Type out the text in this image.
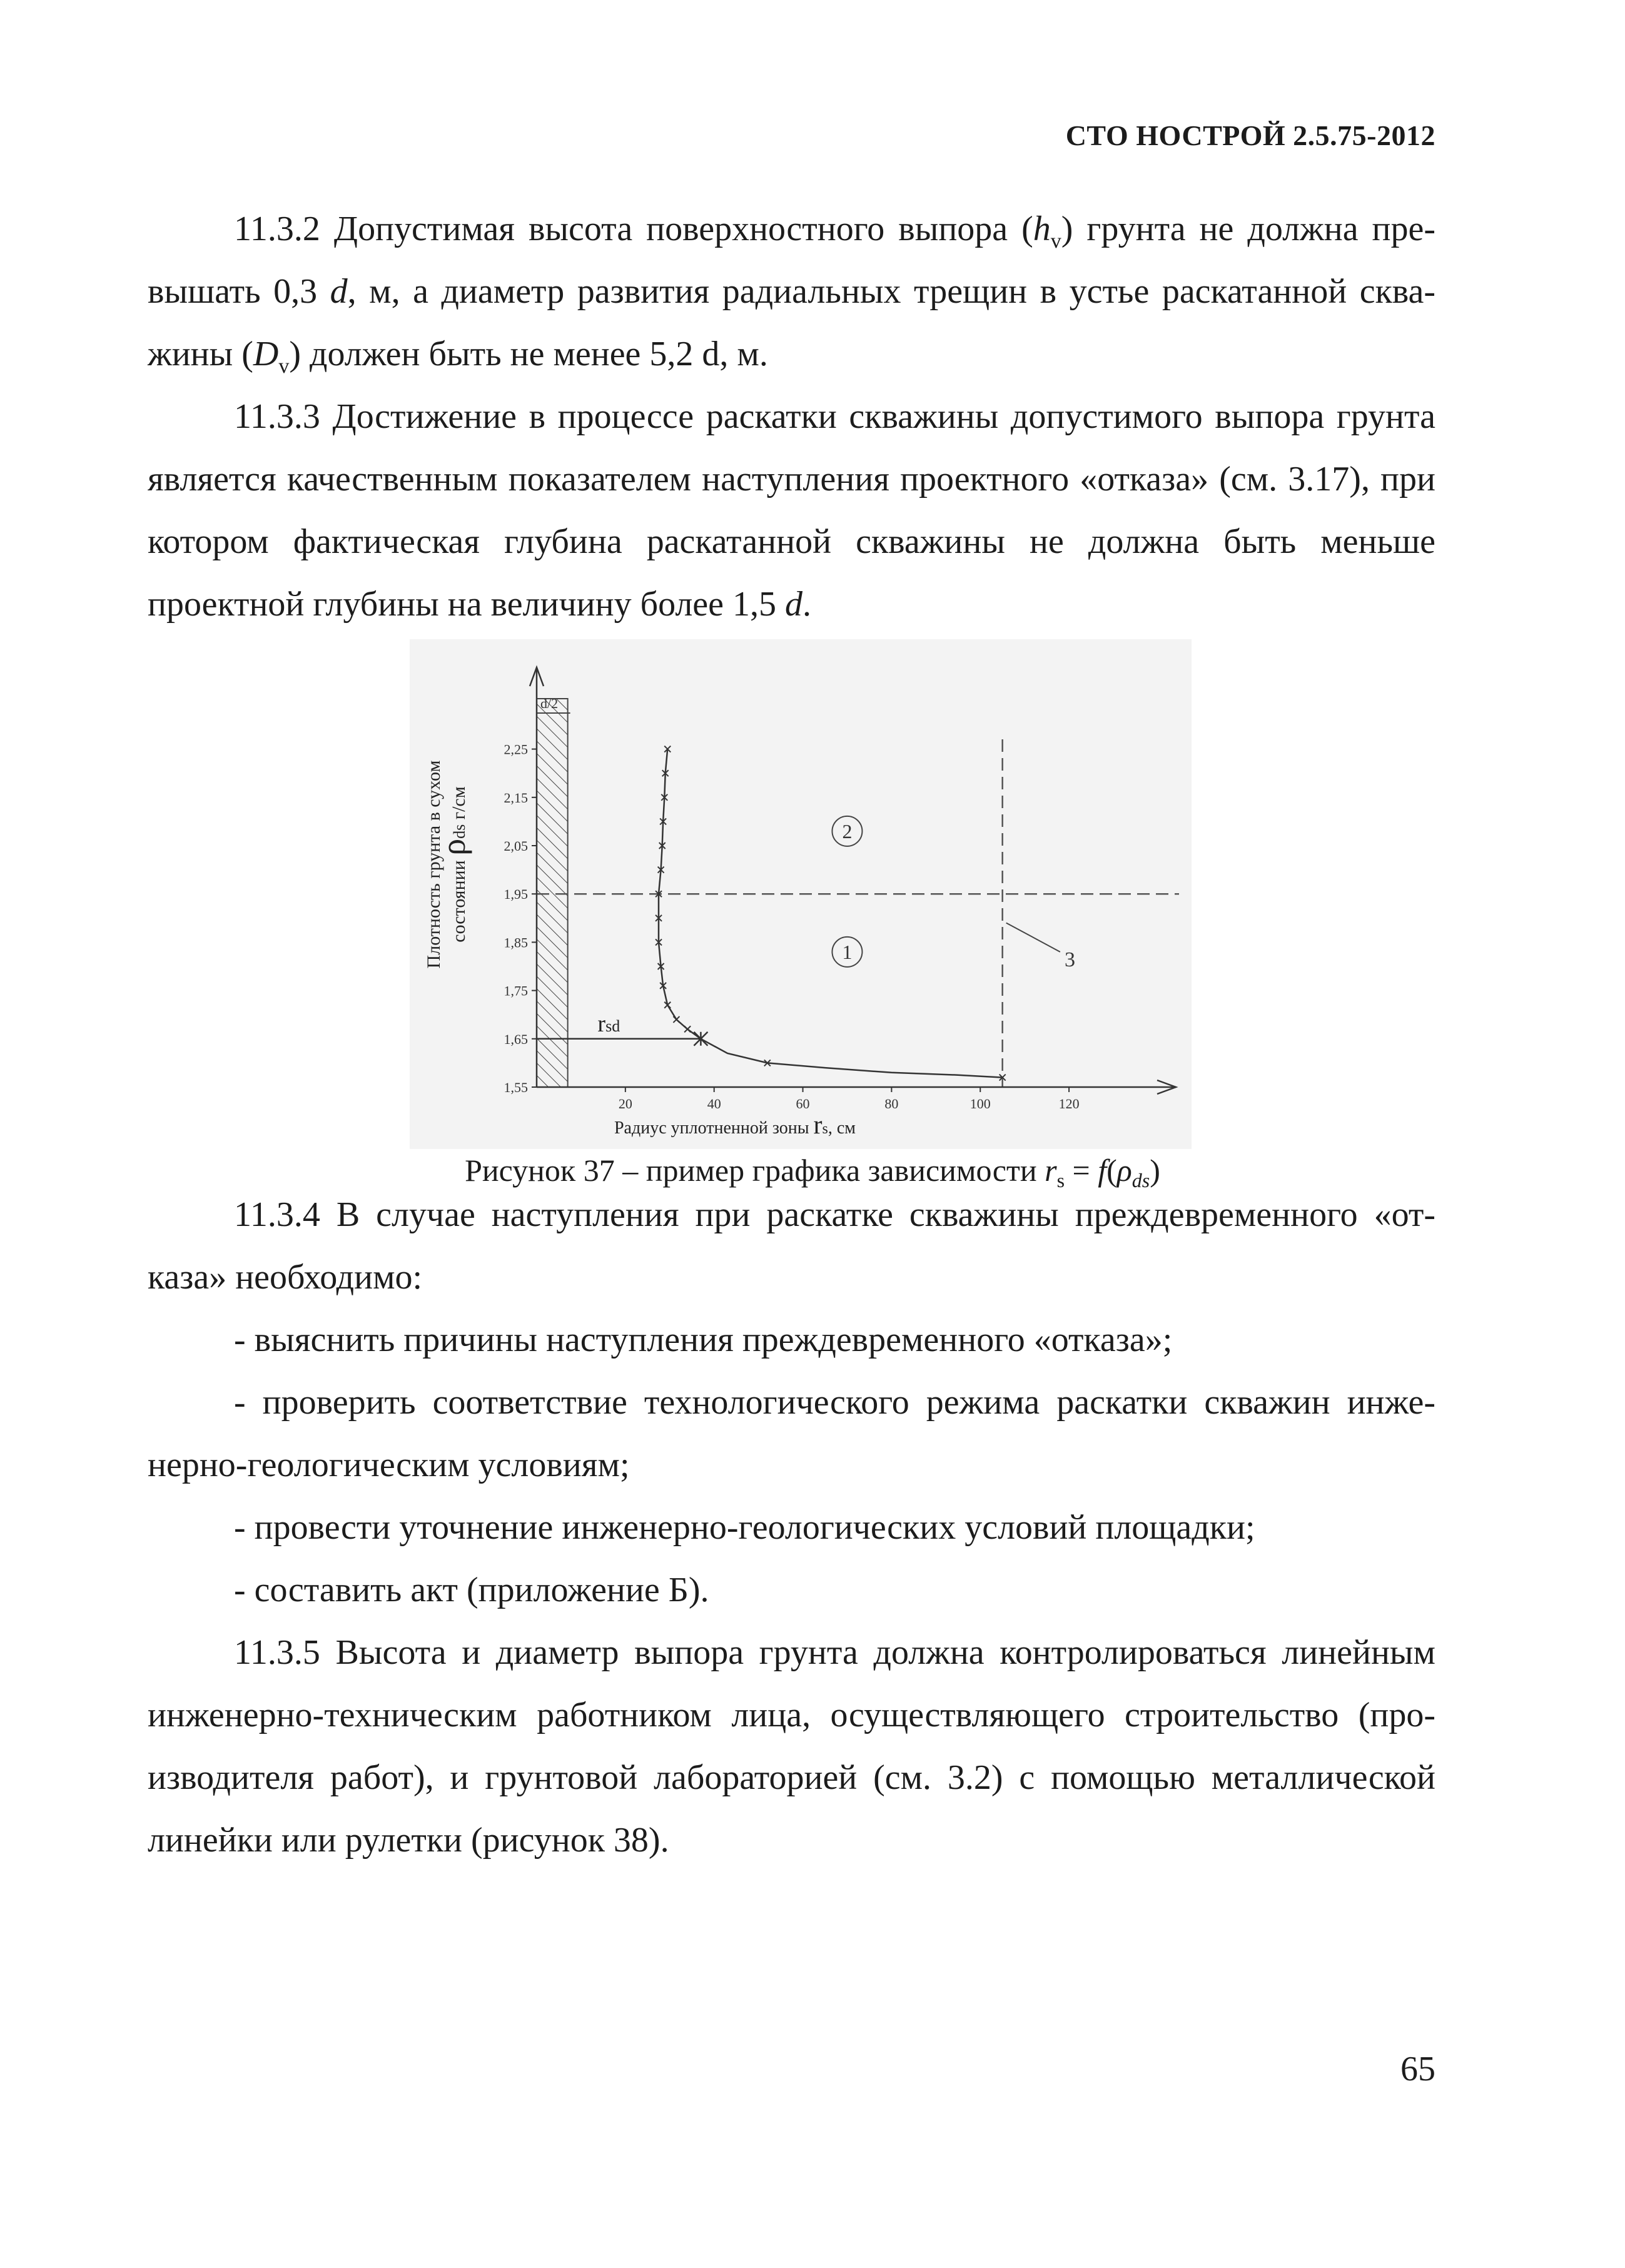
СТО НОСТРОЙ 2.5.75-2012

11.3.2 Допустимая высота поверхностного выпора $(h_v)$ грунта не должна превышать 0,3 d, м, а диаметр развития радиальных трещин в устье раскатанной скважины $(D_v)$ должен быть не менее 5,2 d, м.

11.3.3 Достижение в процессе раскатки скважины допустимого выпора грунта является качественным показателем наступления проектного «отказа» (см. 3.17), при котором фактическая глубина раскатанной скважины не должна быть меньше проектной глубины на величину более 1,5 d.

d/2
1,55
1,65
1,75
1,85
1,95
2,05
2,15
2,25
20	40	60	80	100	120
rsd
2
1	3
Плотность грунта в сухом состоянии ρds г/см
Радиус уплотненной зоны rs, см
Рисунок 37 – пример графика зависимости $r_s = f(\rho_{ds})$

11.3.4 В случае наступления при раскатке скважины преждевременного «отказа» необходимо:

- выяснить причины наступления преждевременного «отказа»;

- проверить соответствие технологического режима раскатки скважин инженерно-геологическим условиям;

- провести уточнение инженерно-геологических условий площадки;

- составить акт (приложение Б).

11.3.5 Высота и диаметр выпора грунта должна контролироваться линейным инженерно-техническим работником лица, осуществляющего строительство (производителя работ), и грунтовой лабораторией (см. 3.2) с помощью металлической линейки или рулетки (рисунок 38).

65
